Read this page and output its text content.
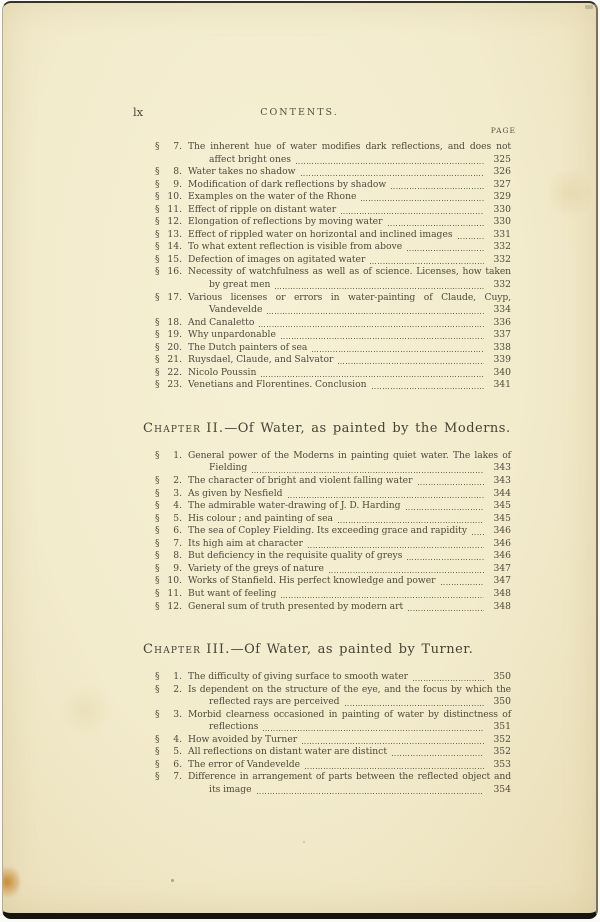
lx	CONTENTS.
PAGE
§	7. The inherent hue of water modifies dark reflections, and does not
affect bright ones	325
§	8. Water takes no shadow	326
§	9. Modification of dark reflections by shadow	327
§ 10. Examples on the water of the Rhone	329
§ 11. Effect of ripple on distant water	330
§ 12. Elongation of reflections by moving water	330
§ 13. Effect of rippled water on horizontal and inclined images	331
§ 14. To what extent reflection is visible from above	332
§ 15. Defection of images on agitated water	332
§ 16. Necessity of watchfulness as well as of science. Licenses, how taken
by great men	332
§ 17. Various licenses or errors in water-painting of Claude, Cuyp,
Vandevelde	334
§ 18. And Canaletto	336
§ 19. Why unpardonable	337
§ 20. The Dutch painters of sea	338
§ 21. Ruysdael, Claude, and Salvator	339
§ 22. Nicolo Poussin	340
§ 23. Venetians and Florentines. Conclusion	341
Chapter II.—Of Water, as painted by the Moderns.
§	1. General power of the Moderns in painting quiet water. The lakes of
Fielding	343
§	2. The character of bright and violent falling water	343
§	3. As given by Nesfield	344
§	4. The admirable water-drawing of J. D. Harding	345
§	5. His colour ; and painting of sea	345
§	6. The sea of Copley Fielding. Its exceeding grace and rapidity	346
§	7. Its high aim at character	346
§	8. But deficiency in the requisite quality of greys	346
§	9. Variety of the greys of nature	347
§ 10. Works of Stanfield. His perfect knowledge and power	347
§ 11. But want of feeling	348
§ 12. General sum of truth presented by modern art	348
Chapter III.—Of Water, as painted by Turner.
§	1. The difficulty of giving surface to smooth water	350
§	2. Is dependent on the structure of the eye, and the focus by which the
reflected rays are perceived	350
§	3. Morbid clearness occasioned in painting of water by distinctness of
reflections	351
§	4. How avoided by Turner	352
§	5. All reflections on distant water are distinct	352
§	6. The error of Vandevelde	353
§	7. Difference in arrangement of parts between the reflected object and
its image	354
